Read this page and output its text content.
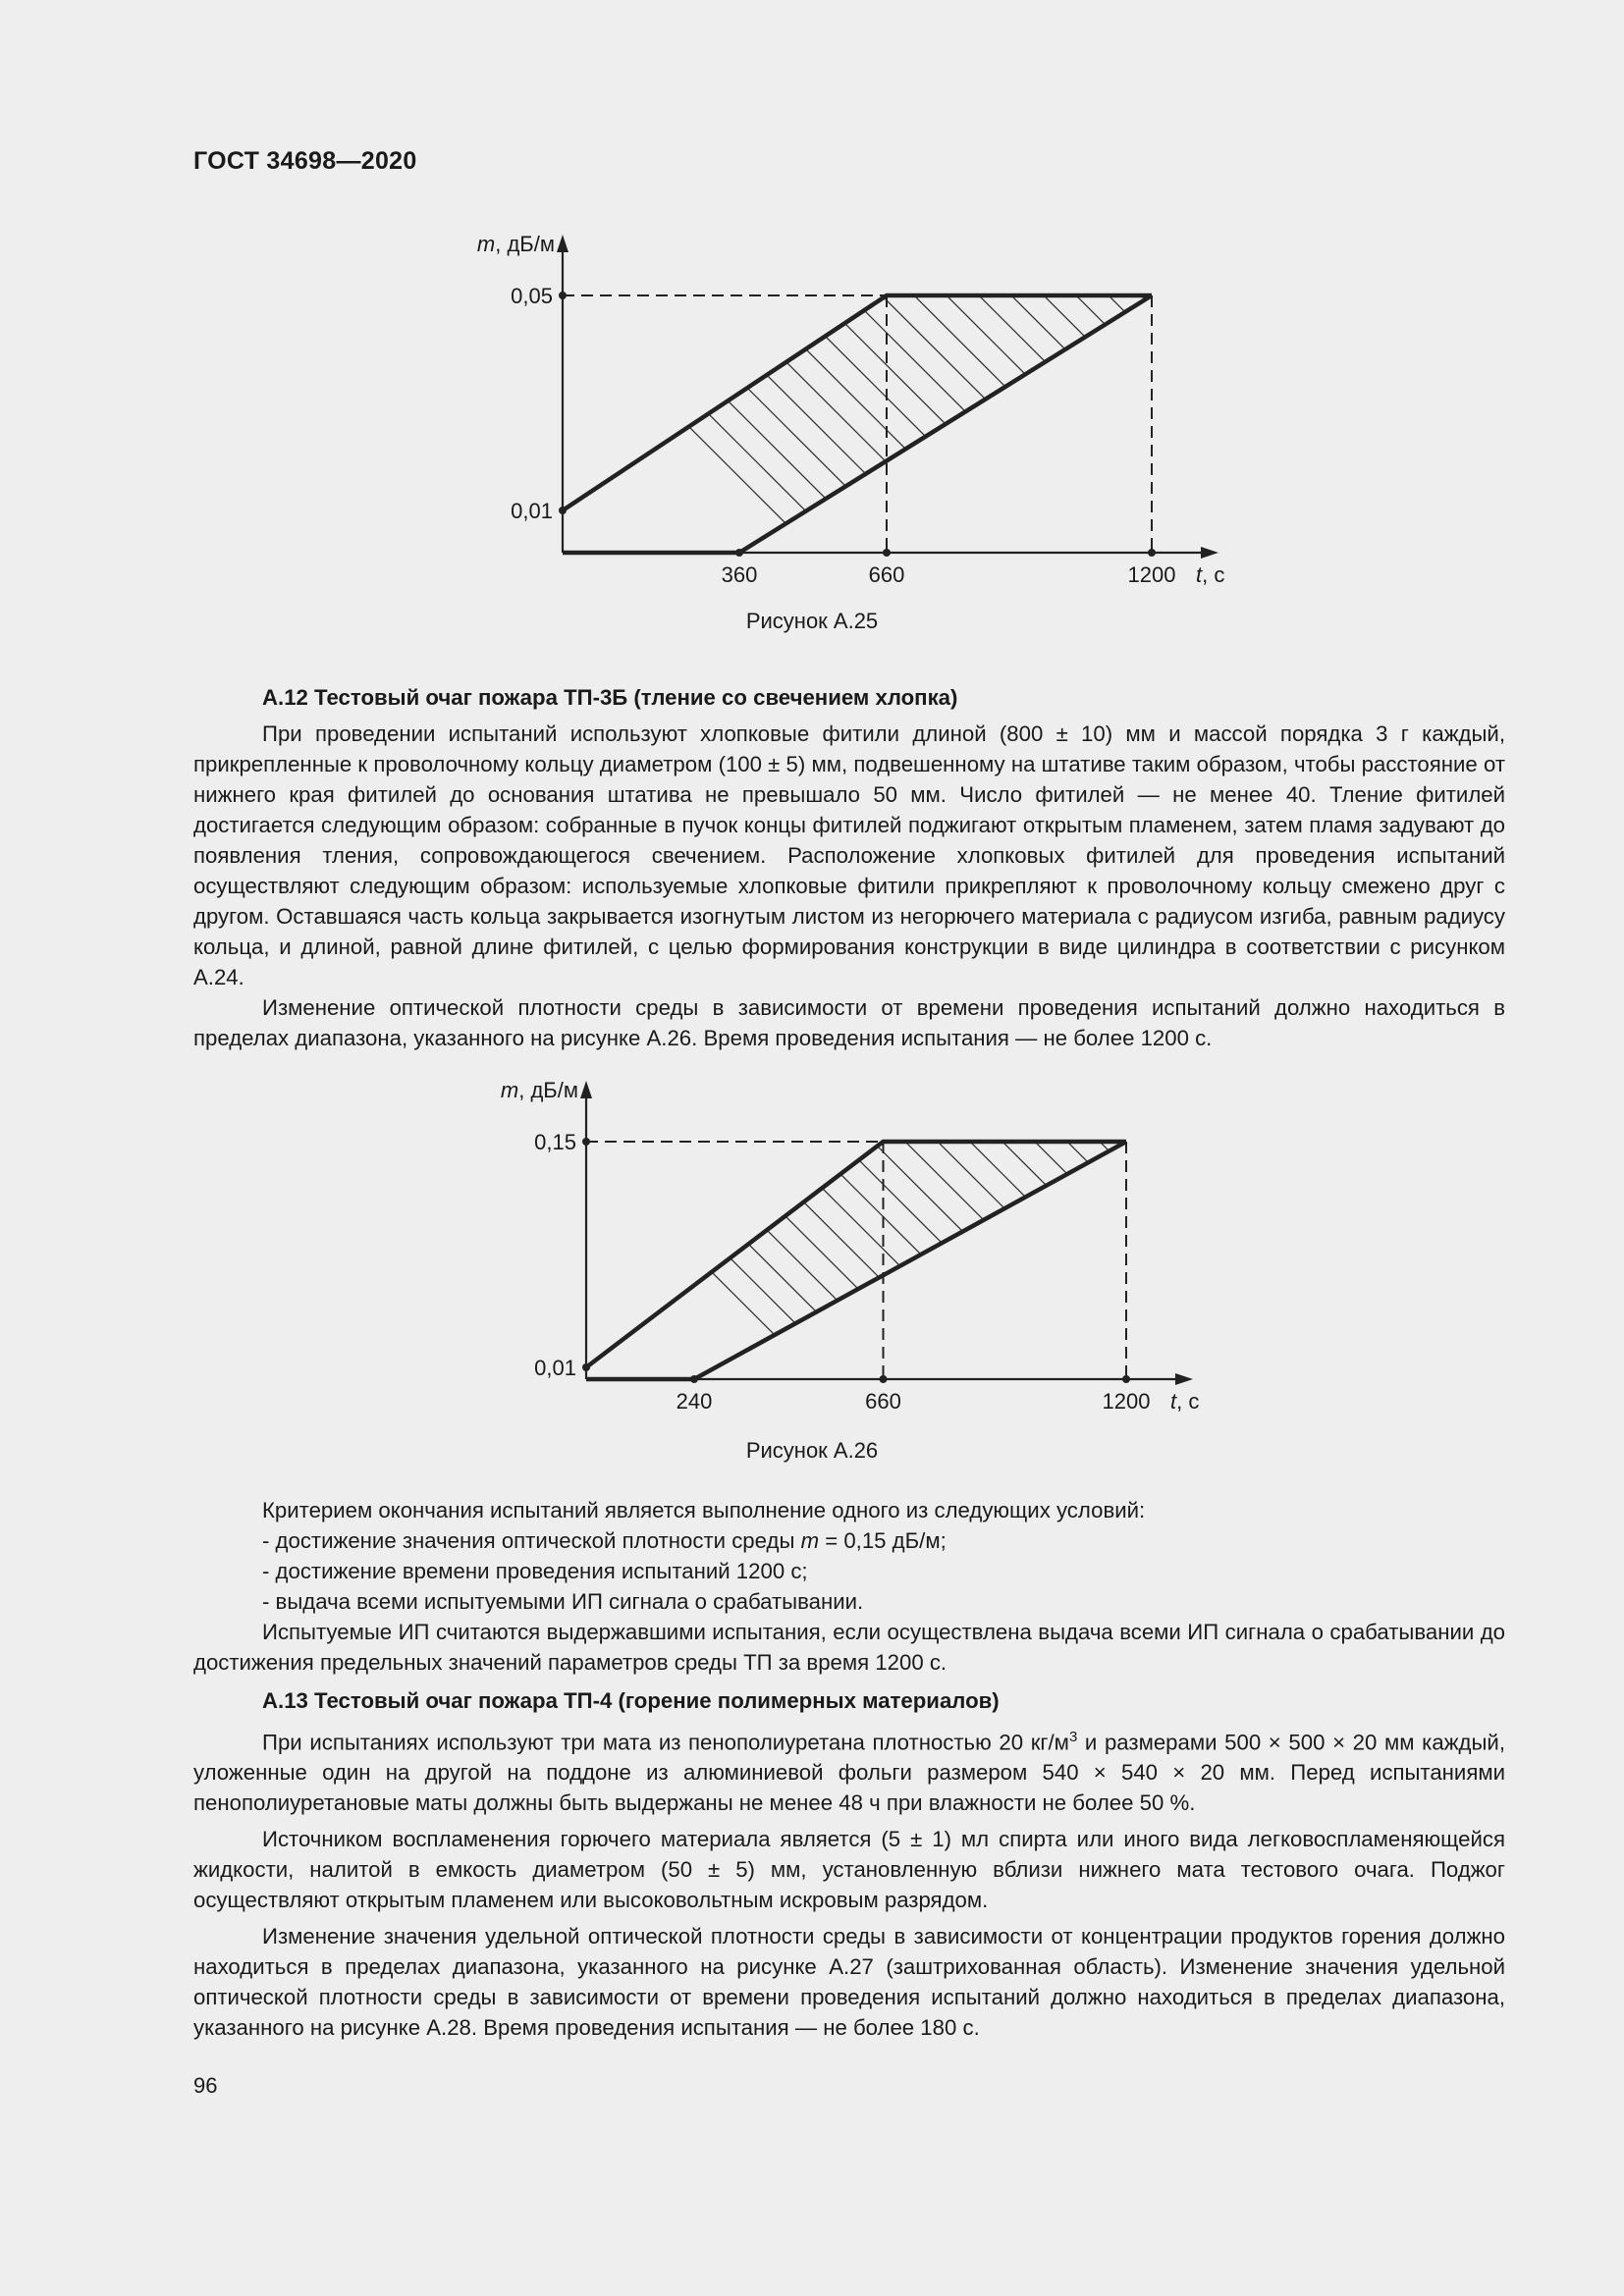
ГОСТ 34698—2020
360	660	1200
0,01
0,05
m, дБ/м
t, с
Рисунок А.25

А.12 Тестовый очаг пожара ТП-3Б (тление со свечением хлопка)

При проведении испытаний используют хлопковые фитили длиной (800 ± 10) мм и массой порядка 3 г каждый, прикрепленные к проволочному кольцу диаметром (100 ± 5) мм, подвешенному на штативе таким образом, чтобы расстояние от нижнего края фитилей до основания штатива не превышало 50 мм. Число фитилей — не менее 40. Тление фитилей достигается следующим образом: собранные в пучок концы фитилей поджигают открытым пламенем, затем пламя задувают до появления тления, сопровождающегося свечением. Расположение хлопковых фитилей для проведения испытаний осуществляют следующим образом: используемые хлопковые фитили прикрепляют к проволочному кольцу смежено друг с другом. Оставшаяся часть кольца закрывается изогнутым листом из негорючего материала с радиусом изгиба, равным радиусу кольца, и длиной, равной длине фитилей, с целью формирования конструкции в виде цилиндра в соответствии с рисунком А.24.

Изменение оптической плотности среды в зависимости от времени проведения испытаний должно находиться в пределах диапазона, указанного на рисунке А.26. Время проведения испытания — не более 1200 с.

240	660	1200
0,01
0,15
m, дБ/м
t, с
Рисунок А.26

Критерием окончания испытаний является выполнение одного из следующих условий:

- достижение значения оптической плотности среды m = 0,15 дБ/м;

- достижение времени проведения испытаний 1200 с;

- выдача всеми испытуемыми ИП сигнала о срабатывании.

Испытуемые ИП считаются выдержавшими испытания, если осуществлена выдача всеми ИП сигнала о срабатывании до достижения предельных значений параметров среды ТП за время 1200 с.

А.13 Тестовый очаг пожара ТП-4 (горение полимерных материалов)

При испытаниях используют три мата из пенополиуретана плотностью 20 $кг/м^3$ и размерами 500 × 500 × 20 мм каждый, уложенные один на другой на поддоне из алюминиевой фольги размером 540 × 540 × 20 мм. Перед испытаниями пенополиуретановые маты должны быть выдержаны не менее 48 ч при влажности не более 50 %.

Источником воспламенения горючего материала является (5 ± 1) мл спирта или иного вида легковоспламеняющейся жидкости, налитой в емкость диаметром (50 ± 5) мм, установленную вблизи нижнего мата тестового очага. Поджог осуществляют открытым пламенем или высоковольтным искровым разрядом.

Изменение значения удельной оптической плотности среды в зависимости от концентрации продуктов горения должно находиться в пределах диапазона, указанного на рисунке А.27 (заштрихованная область). Изменение значения удельной оптической плотности среды в зависимости от времени проведения испытаний должно находиться в пределах диапазона, указанного на рисунке А.28. Время проведения испытания — не более 180 с.

96
